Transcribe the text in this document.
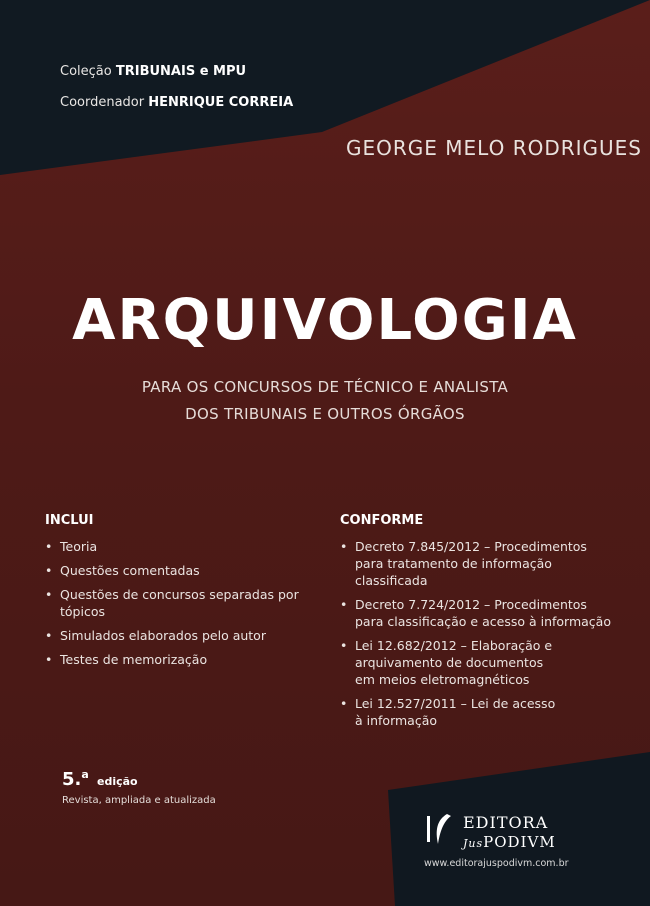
Coleção TRIBUNAIS e MPU
Coordenador HENRIQUE CORREIA
GEORGE MELO RODRIGUES
ARQUIVOLOGIA
PARA OS CONCURSOS DE TÉCNICO E ANALISTA
DOS TRIBUNAIS E OUTROS ÓRGÃOS
INCLUI
• Teoria
• Questões comentadas
• Questões de concursos separadas por tópicos
• Simulados elaborados pelo autor
• Testes de memorização
CONFORME
• Decreto 7.845/2012 – Procedimentos para tratamento de informação classificada
• Decreto 7.724/2012 – Procedimentos para classificação e acesso à informação
• Lei 12.682/2012 – Elaboração e arquivamento de documentos em meios eletromagnéticos
• Lei 12.527/2011 – Lei de acesso à informação
5.$^a$
edição
Revista, ampliada e atualizada
EDITORA
JusPODIVM
www.editorajuspodivm.com.br
